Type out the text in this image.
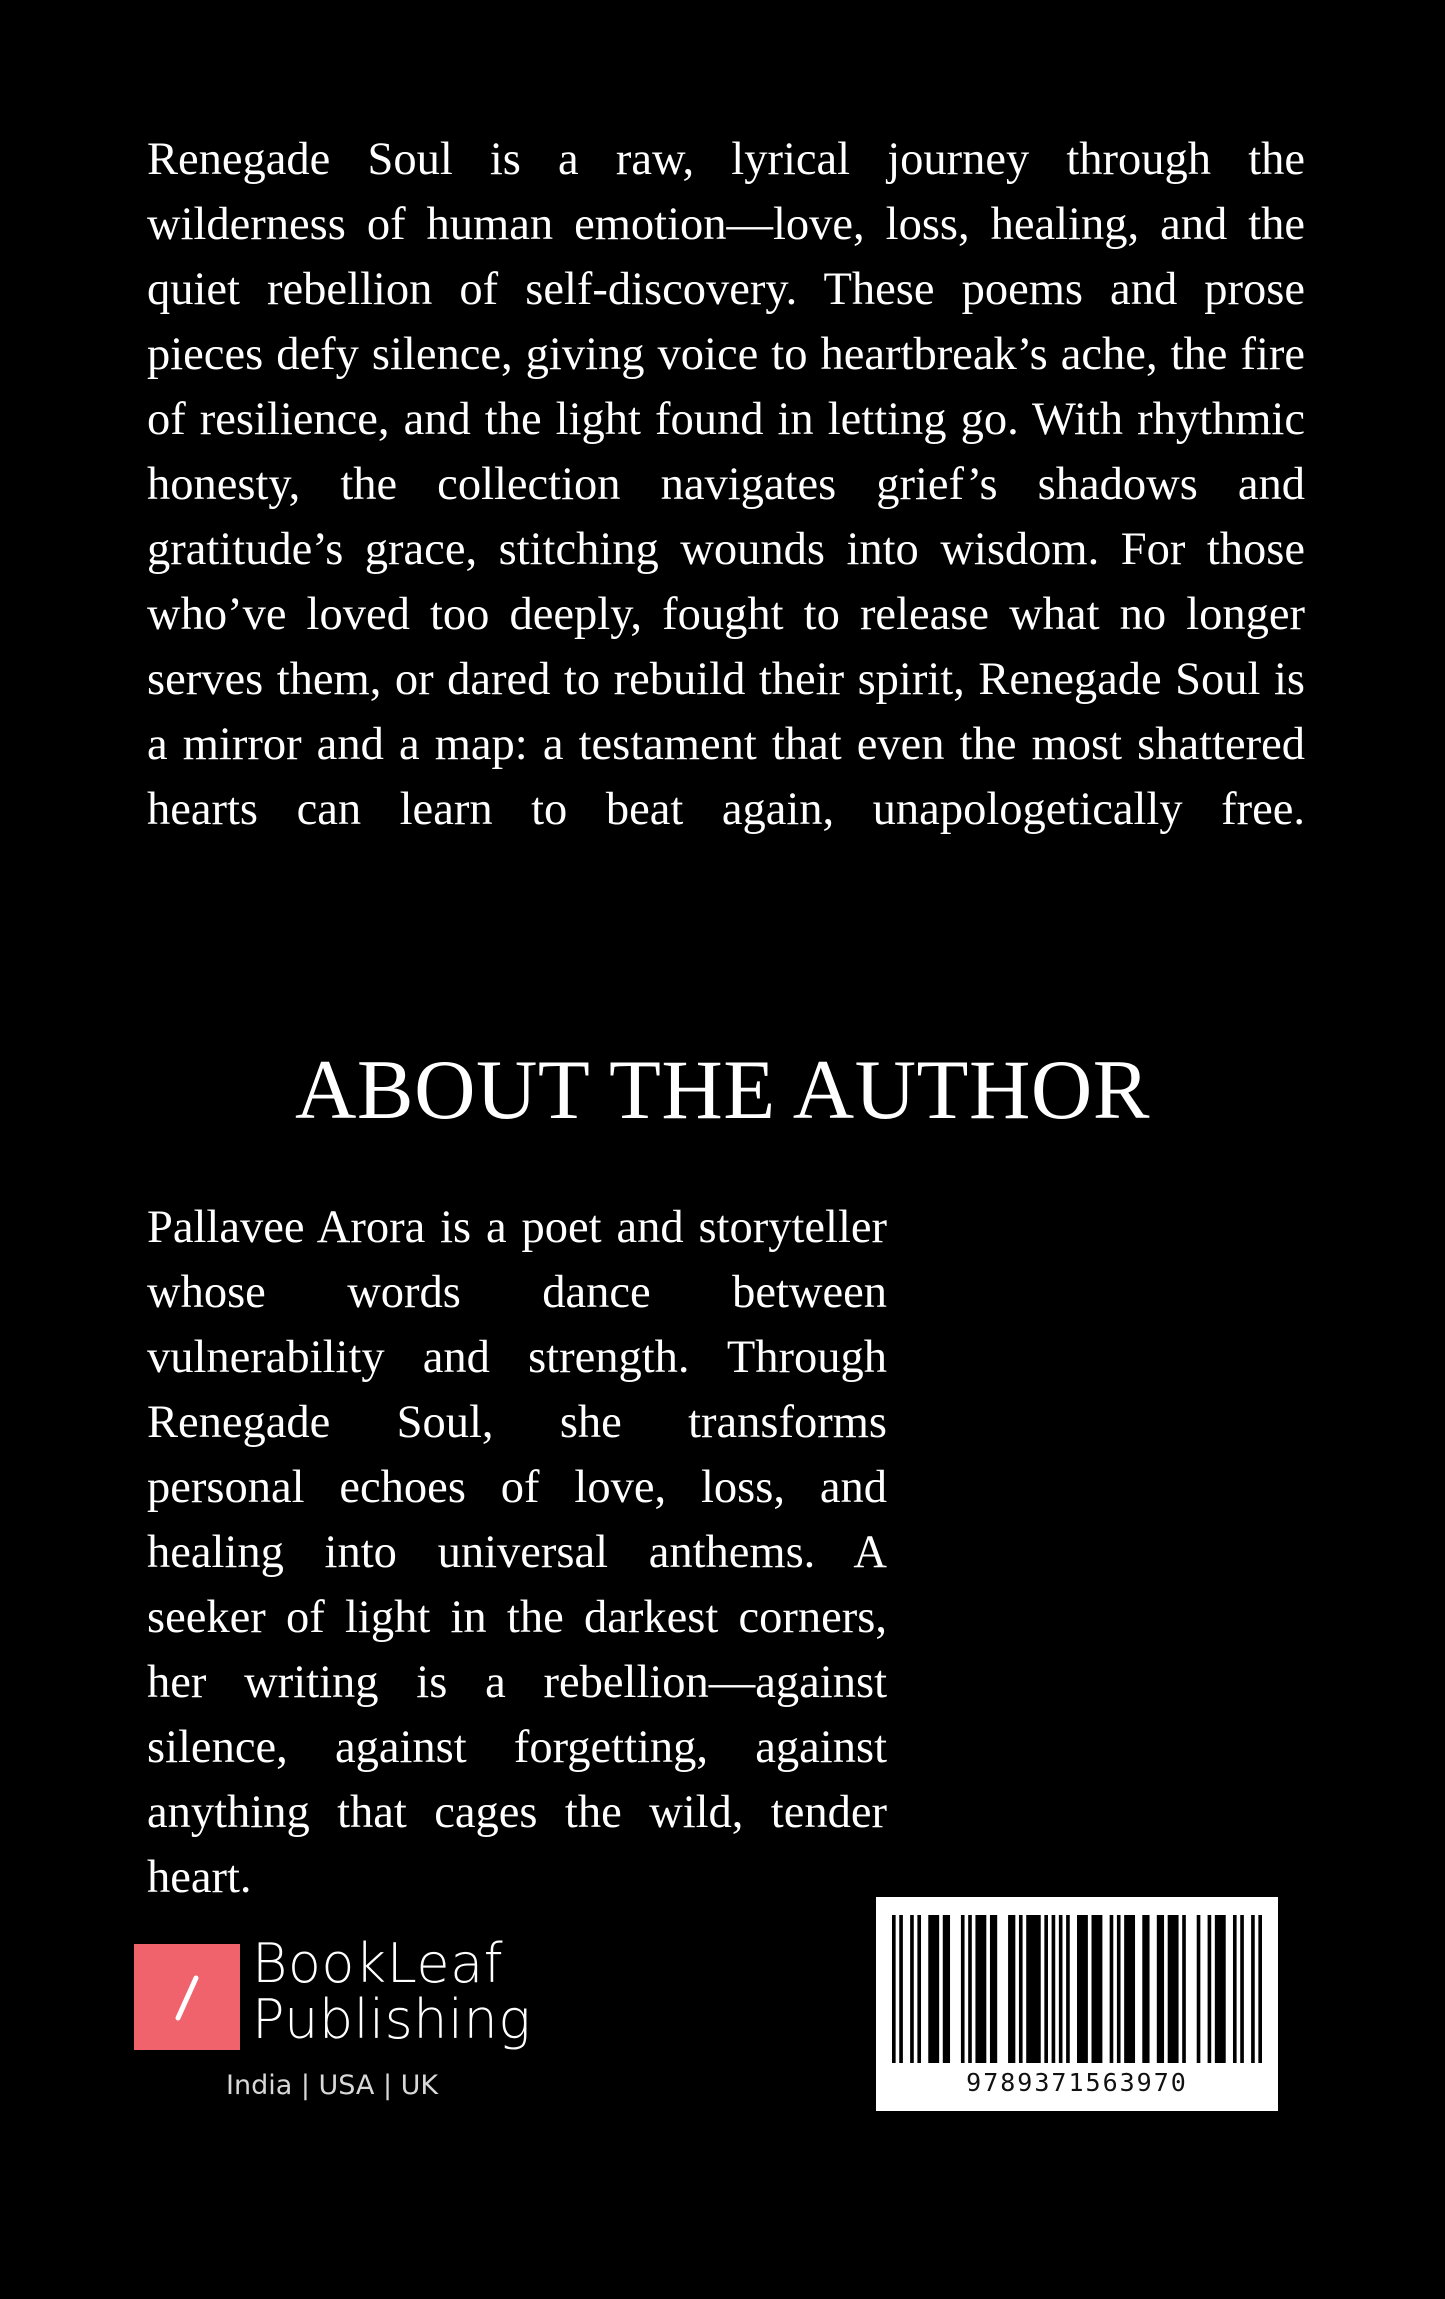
Renegade Soul is a raw, lyrical journey through the wilderness of human emotion—love, loss, healing, and the quiet rebellion of self-discovery. These poems and prose pieces defy silence, giving voice to heartbreak’s ache, the fire of resilience, and the light found in letting go. With rhythmic honesty, the collection navigates grief’s shadows and gratitude’s grace, stitching wounds into wisdom. For those who’ve loved too deeply, fought to release what no longer serves them, or dared to rebuild their spirit, Renegade Soul is a mirror and a map: a testament that even the most shattered hearts can learn to beat again, unapologetically free.

ABOUT THE AUTHOR

Pallavee Arora is a poet and storyteller whose words dance between vulnerability and strength. Through Renegade Soul, she transforms personal echoes of love, loss, and healing into universal anthems. A seeker of light in the darkest corners, her writing is a rebellion—against silence, against forgetting, against anything that cages the wild, tender heart.

BookLeaf
Publishing
India | USA | UK	9789371563970
